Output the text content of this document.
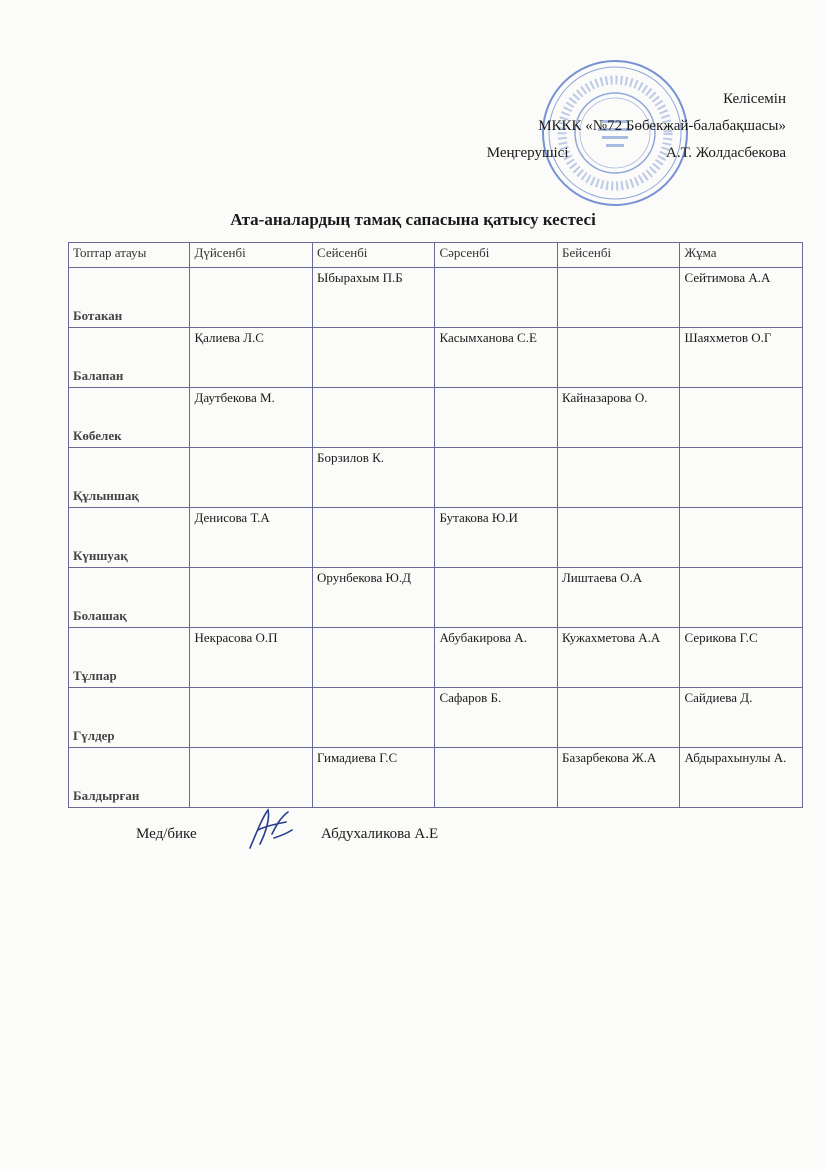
Келісемін
МККК «№72 Бөбекжай-балабақшасы»
Меңгерушісі	А.Т. Жолдасбекова
Ата-аналардың тамақ сапасына қатысу кестесі
Топтар атауы	Дүйсенбі	Сейсенбі	Сәрсенбі	Бейсенбі	Жұма
Ботакан		Ыбырахым П.Б			Сейтимова А.А
Балапан	Қалиева Л.С		Касымханова С.Е		Шаяхметов О.Г
Көбелек	Даутбекова М.			Кайназарова О.	
Құлыншақ		Борзилов К.			
Күншуақ	Денисова Т.А		Бутакова Ю.И		
Болашақ		Орунбекова Ю.Д		Лиштаева О.А	
Тұлпар	Некрасова О.П		Абубакирова А.	Кужахметова А.А	Серикова Г.С
Гүлдер			Сафаров Б.		Сайдиева Д.
Балдырған		Гимадиева Г.С		Базарбекова Ж.А	Абдырахынулы А.
Мед/бике	Абдухаликова А.Е
